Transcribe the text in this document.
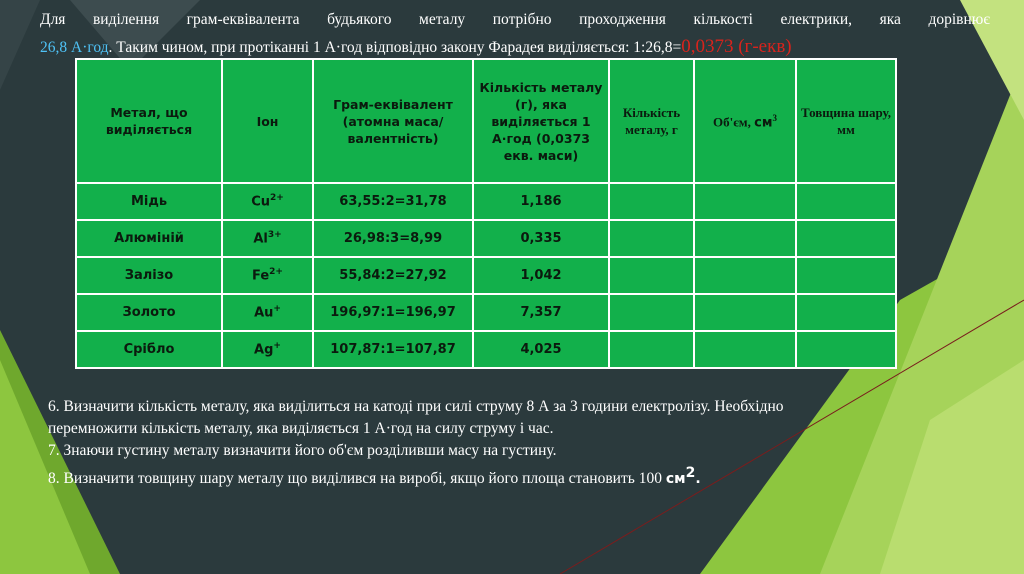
Для виділення грам-еквівалента будьякого металу потрібно проходження кількості електрики, яка дорівнює
26,8 А·год. Таким чином, при протіканні 1 А·год відповідно закону Фарадея виділяється: 1:26,8=0,0373 (г-екв)
Метал, що виділяється	Іон	Грам-еквівалент (атомна маса/валентність)	Кількість металу (г), яка виділяється 1 А·год (0,0373 екв. маси)	Кількість металу, г	Об'єм, $см^3$	Товщина шару, мм
Мідь	$Cu^{2+}$	63,55:2=31,78	1,186			
Алюміній	$Al^{3+}$	26,98:3=8,99	0,335			
Залізо	$Fe^{2+}$	55,84:2=27,92	1,042			
Золото	Au+	196,97:1=196,97	7,357			
Срібло	Ag+	107,87:1=107,87	4,025			

6. Визначити кількість металу, яка виділиться на катоді при силі струму 8 А за 3 години електролізу. Необхідно

перемножити кількість металу, яка виділяється 1 А·год на силу струму і час.

7. Знаючи густину металу визначити його об'єм розділивши масу на густину.

8. Визначити товщину шару металу що виділився на виробі, якщо його площа становить 100 $см^2$.
